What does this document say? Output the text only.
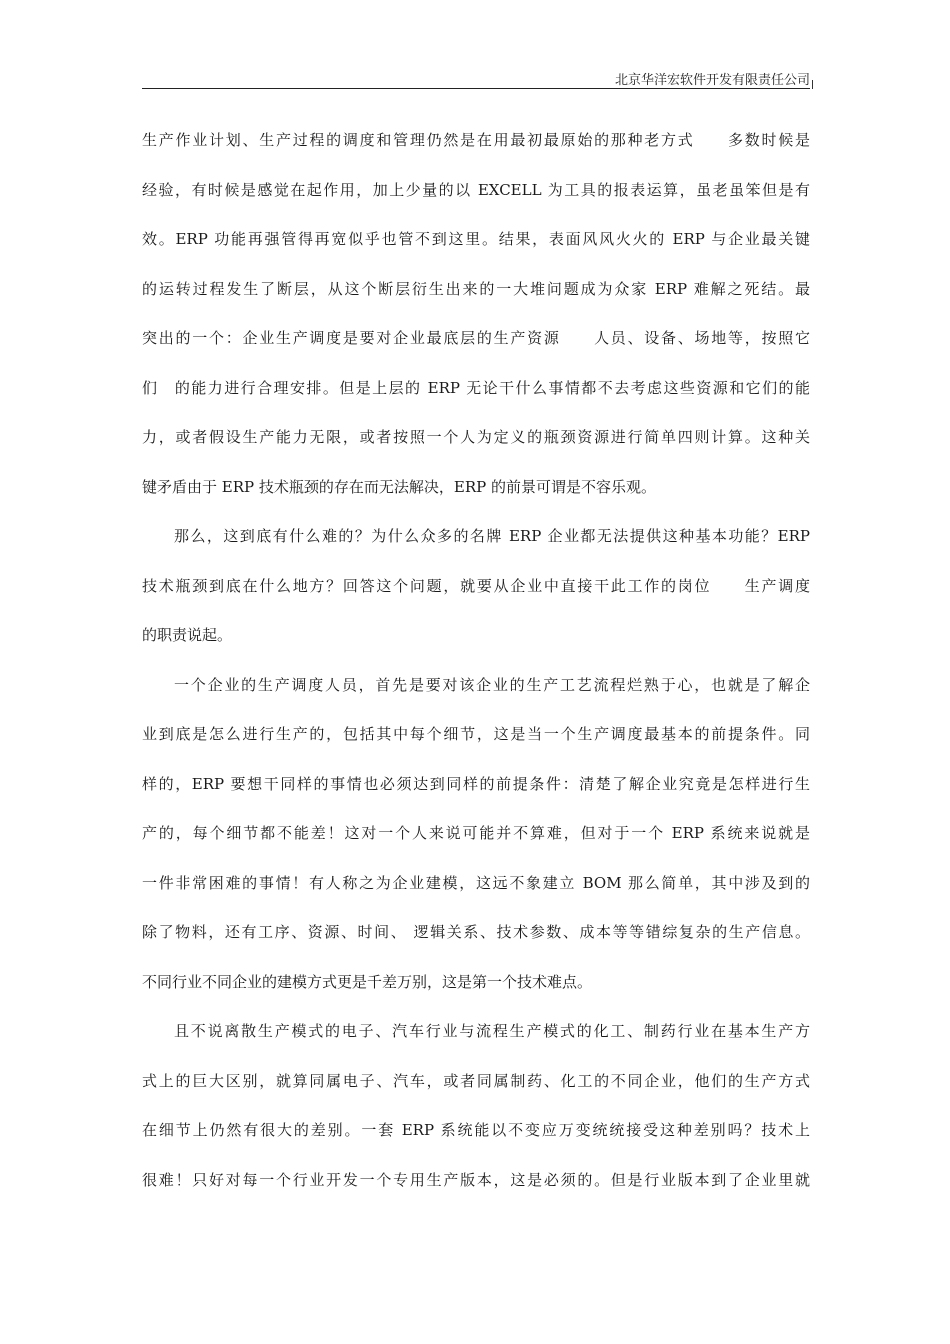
北京华洋宏软件开发有限责任公司
生产作业计划、生产过程的调度和管理仍然是在用最初最原始的那种老方式　　多数时候是
经验，有时候是感觉在起作用，加上少量的以 EXCELL 为工具的报表运算，虽老虽笨但是有
效。ERP 功能再强管得再宽似乎也管不到这里。结果，表面风风火火的 ERP 与企业最关键
的运转过程发生了断层，从这个断层衍生出来的一大堆问题成为众家 ERP 难解之死结。最
突出的一个：企业生产调度是要对企业最底层的生产资源　　人员、设备、场地等，按照它
们　的能力进行合理安排。但是上层的 ERP 无论干什么事情都不去考虑这些资源和它们的能
力，或者假设生产能力无限，或者按照一个人为定义的瓶颈资源进行简单四则计算。这种关
键矛盾由于 ERP 技术瓶颈的存在而无法解决，ERP 的前景可谓是不容乐观。
那么，这到底有什么难的？为什么众多的名牌 ERP 企业都无法提供这种基本功能？ERP
技术瓶颈到底在什么地方？回答这个问题，就要从企业中直接干此工作的岗位　　生产调度
的职责说起。
一个企业的生产调度人员，首先是要对该企业的生产工艺流程烂熟于心，也就是了解企
业到底是怎么进行生产的，包括其中每个细节，这是当一个生产调度最基本的前提条件。同
样的，ERP 要想干同样的事情也必须达到同样的前提条件：清楚了解企业究竟是怎样进行生
产的，每个细节都不能差！这对一个人来说可能并不算难，但对于一个 ERP 系统来说就是
一件非常困难的事情！有人称之为企业建模，这远不象建立 BOM 那么简单，其中涉及到的
除了物料，还有工序、资源、时间、 逻辑关系、技术参数、成本等等错综复杂的生产信息。
不同行业不同企业的建模方式更是千差万别，这是第一个技术难点。
且不说离散生产模式的电子、汽车行业与流程生产模式的化工、制药行业在基本生产方
式上的巨大区别，就算同属电子、汽车，或者同属制药、化工的不同企业，他们的生产方式
在细节上仍然有很大的差别。一套 ERP 系统能以不变应万变统统接受这种差别吗？技术上
很难！只好对每一个行业开发一个专用生产版本，这是必须的。但是行业版本到了企业里就
